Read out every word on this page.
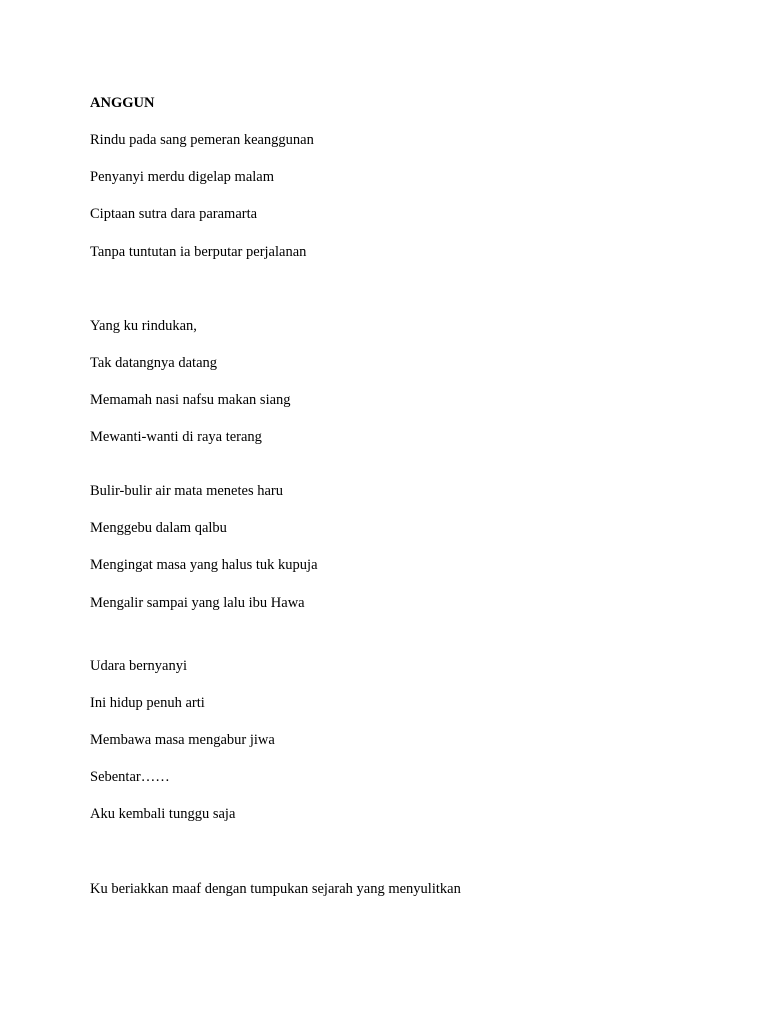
ANGGUN

Rindu pada sang pemeran keanggunan

Penyanyi merdu digelap malam

Ciptaan sutra dara paramarta

Tanpa tuntutan ia berputar perjalanan

Yang ku rindukan,

Tak datangnya datang

Memamah nasi nafsu makan siang

Mewanti-wanti di raya terang

Bulir-bulir air mata menetes haru

Menggebu dalam qalbu

Mengingat masa yang halus tuk kupuja

Mengalir sampai yang lalu ibu Hawa

Udara bernyanyi

Ini hidup penuh arti

Membawa masa mengabur jiwa

Sebentar……

Aku kembali tunggu saja

Ku beriakkan maaf dengan tumpukan sejarah yang menyulitkan
